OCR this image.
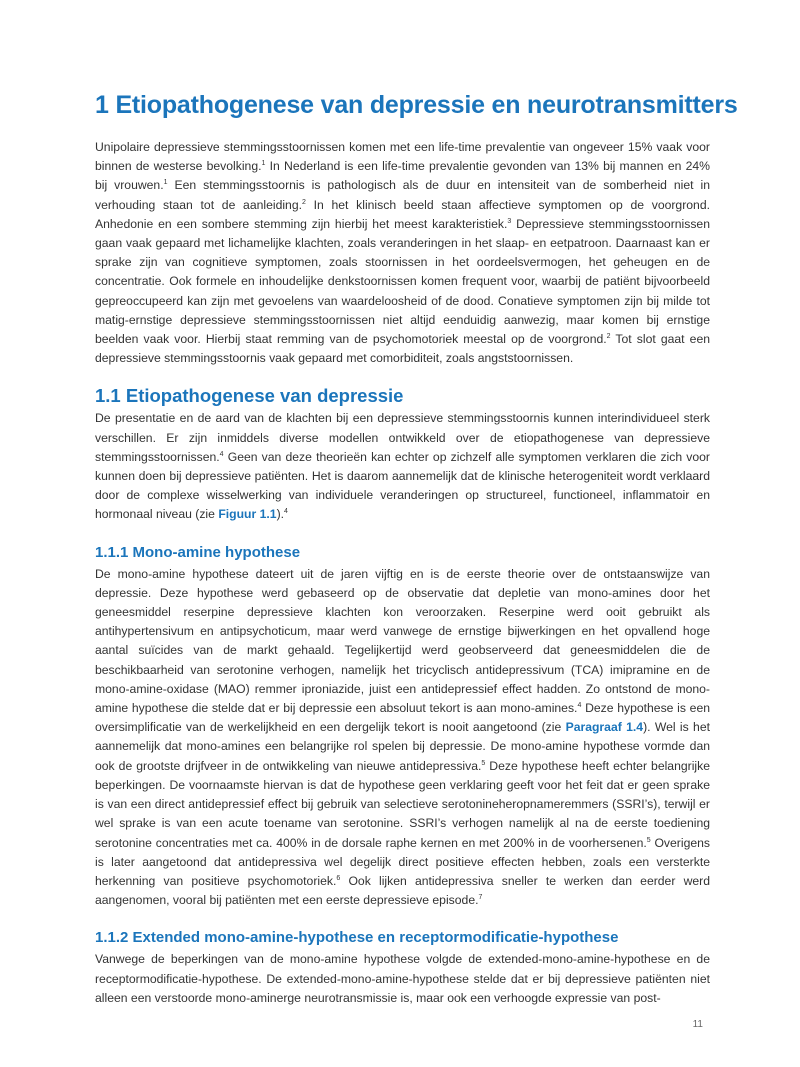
1 Etiopathogenese van depressie en neurotransmitters

Unipolaire depressieve stemmingsstoornissen komen met een life-time prevalentie van ongeveer 15% vaak voor binnen de westerse bevolking.$^1$ In Nederland is een life-time prevalentie gevonden van 13% bij mannen en 24% bij vrouwen.$^1$ Een stemmingsstoornis is pathologisch als de duur en intensiteit van de somberheid niet in verhouding staan tot de aanleiding.$^2$ In het klinisch beeld staan affectieve symptomen op de voorgrond. Anhedonie en een sombere stemming zijn hierbij het meest karakteristiek.$^3$ Depressieve stemmingsstoornissen gaan vaak gepaard met lichamelijke klachten, zoals veranderingen in het slaap- en eetpatroon. Daarnaast kan er sprake zijn van cognitieve symptomen, zoals stoornissen in het oordeelsvermogen, het geheugen en de concentratie. Ook formele en inhoudelijke denkstoornissen komen frequent voor, waarbij de patiënt bijvoorbeeld gepreoccupeerd kan zijn met gevoelens van waardeloosheid of de dood. Conatieve symptomen zijn bij milde tot matig-ernstige depressieve stemmingsstoornissen niet altijd eenduidig aanwezig, maar komen bij ernstige beelden vaak voor. Hierbij staat remming van de psychomotoriek meestal op de voorgrond.$^2$ Tot slot gaat een depressieve stemmingsstoornis vaak gepaard met comorbiditeit, zoals angststoornissen.

1.1 Etiopathogenese van depressie

De presentatie en de aard van de klachten bij een depressieve stemmingsstoornis kunnen interindividueel sterk verschillen. Er zijn inmiddels diverse modellen ontwikkeld over de etiopathogenese van depressieve stemmingsstoornissen.$^4$ Geen van deze theorieën kan echter op zichzelf alle symptomen verklaren die zich voor kunnen doen bij depressieve patiënten. Het is daarom aannemelijk dat de klinische heterogeniteit wordt verklaard door de complexe wisselwerking van individuele veranderingen op structureel, functioneel, inflammatoir en hormonaal niveau (zie Figuur 1.1).$^4$

1.1.1 Mono-amine hypothese

De mono-amine hypothese dateert uit de jaren vijftig en is de eerste theorie over de ontstaanswijze van depressie. Deze hypothese werd gebaseerd op de observatie dat depletie van mono-amines door het geneesmiddel reserpine depressieve klachten kon veroorzaken. Reserpine werd ooit gebruikt als antihypertensivum en antipsychoticum, maar werd vanwege de ernstige bijwerkingen en het opvallend hoge aantal suïcides van de markt gehaald. Tegelijkertijd werd geobserveerd dat geneesmiddelen die de beschikbaarheid van serotonine verhogen, namelijk het tricyclisch antidepressivum (TCA) imipramine en de mono-amine-oxidase (MAO) remmer iproniazide, juist een antidepressief effect hadden. Zo ontstond de mono-amine hypothese die stelde dat er bij depressie een absoluut tekort is aan mono-amines.$^4$ Deze hypothese is een oversimplificatie van de werkelijkheid en een dergelijk tekort is nooit aangetoond (zie Paragraaf 1.4). Wel is het aannemelijk dat mono-amines een belangrijke rol spelen bij depressie. De mono-amine hypothese vormde dan ook de grootste drijfveer in de ontwikkeling van nieuwe antidepressiva.$^5$ Deze hypothese heeft echter belangrijke beperkingen. De voornaamste hiervan is dat de hypothese geen verklaring geeft voor het feit dat er geen sprake is van een direct antidepressief effect bij gebruik van selectieve serotonineheropnameremmers (SSRI’s), terwijl er wel sprake is van een acute toename van serotonine. SSRI’s verhogen namelijk al na de eerste toediening serotonine concentraties met ca. 400% in de dorsale raphe kernen en met 200% in de voorhersenen.$^5$ Overigens is later aangetoond dat antidepressiva wel degelijk direct positieve effecten hebben, zoals een versterkte herkenning van positieve psychomotoriek.$^6$ Ook lijken antidepressiva sneller te werken dan eerder werd aangenomen, vooral bij patiënten met een eerste depressieve episode.$^7$

1.1.2 Extended mono-amine-hypothese en receptormodificatie-hypothese

Vanwege de beperkingen van de mono-amine hypothese volgde de extended-mono-amine-hypothese en de receptormodificatie-hypothese. De extended-mono-amine-hypothese stelde dat er bij depressieve patiënten niet alleen een verstoorde mono-aminerge neurotransmissie is, maar ook een verhoogde expressie van post-

11
